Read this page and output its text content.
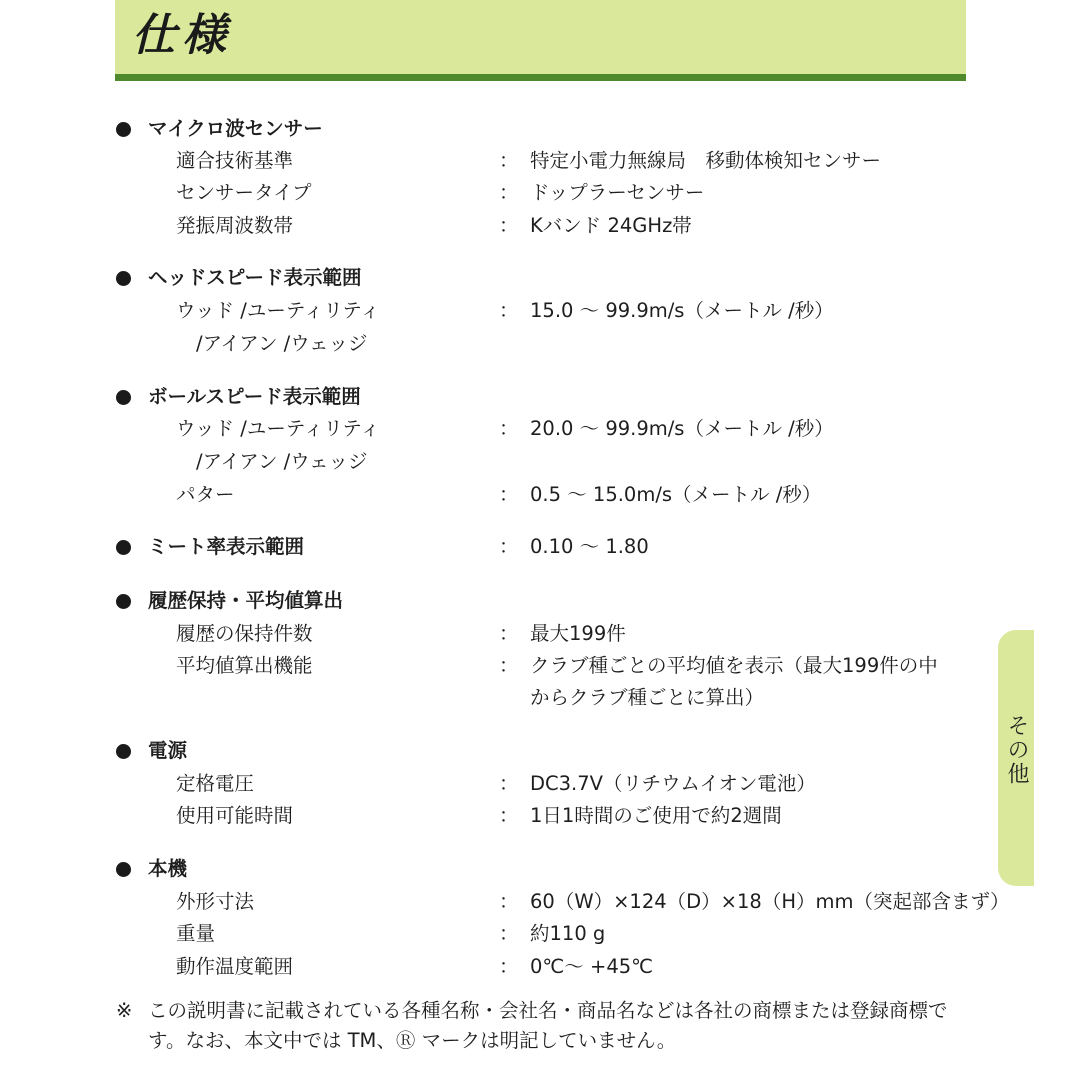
仕様
マイクロ波センサー
適合技術基準	： 特定小電力無線局　移動体検知センサー
センサータイプ	： ドップラーセンサー
発振周波数帯	： Kバンド 24GHz帯
ヘッドスピード表示範囲
ウッド /ユーティリティ	： 15.0 ～ 99.9m/s（メートル /秒）
/アイアン /ウェッジ
ボールスピード表示範囲
ウッド /ユーティリティ	： 20.0 ～ 99.9m/s（メートル /秒）
/アイアン /ウェッジ
パター	： 0.5 ～ 15.0m/s（メートル /秒）
ミート率表示範囲	： 0.10 ～ 1.80
履歴保持・平均値算出
履歴の保持件数	： 最大199件
平均値算出機能	： クラブ種ごとの平均値を表示（最大199件の中
からクラブ種ごとに算出）
電源
定格電圧	： DC3.7V（リチウムイオン電池）
使用可能時間	： 1日1時間のご使用で約2週間
本機
外形寸法	： 60（W）×124（D）×18（H）mm（突起部含まず）
重量	： 約110 g
動作温度範囲	： 0℃～ +45℃
※ この説明書に記載されている各種名称・会社名・商品名などは各社の商標または登録商標です。なお、本文中では TM、Ⓡ マークは明記していません。
その他
